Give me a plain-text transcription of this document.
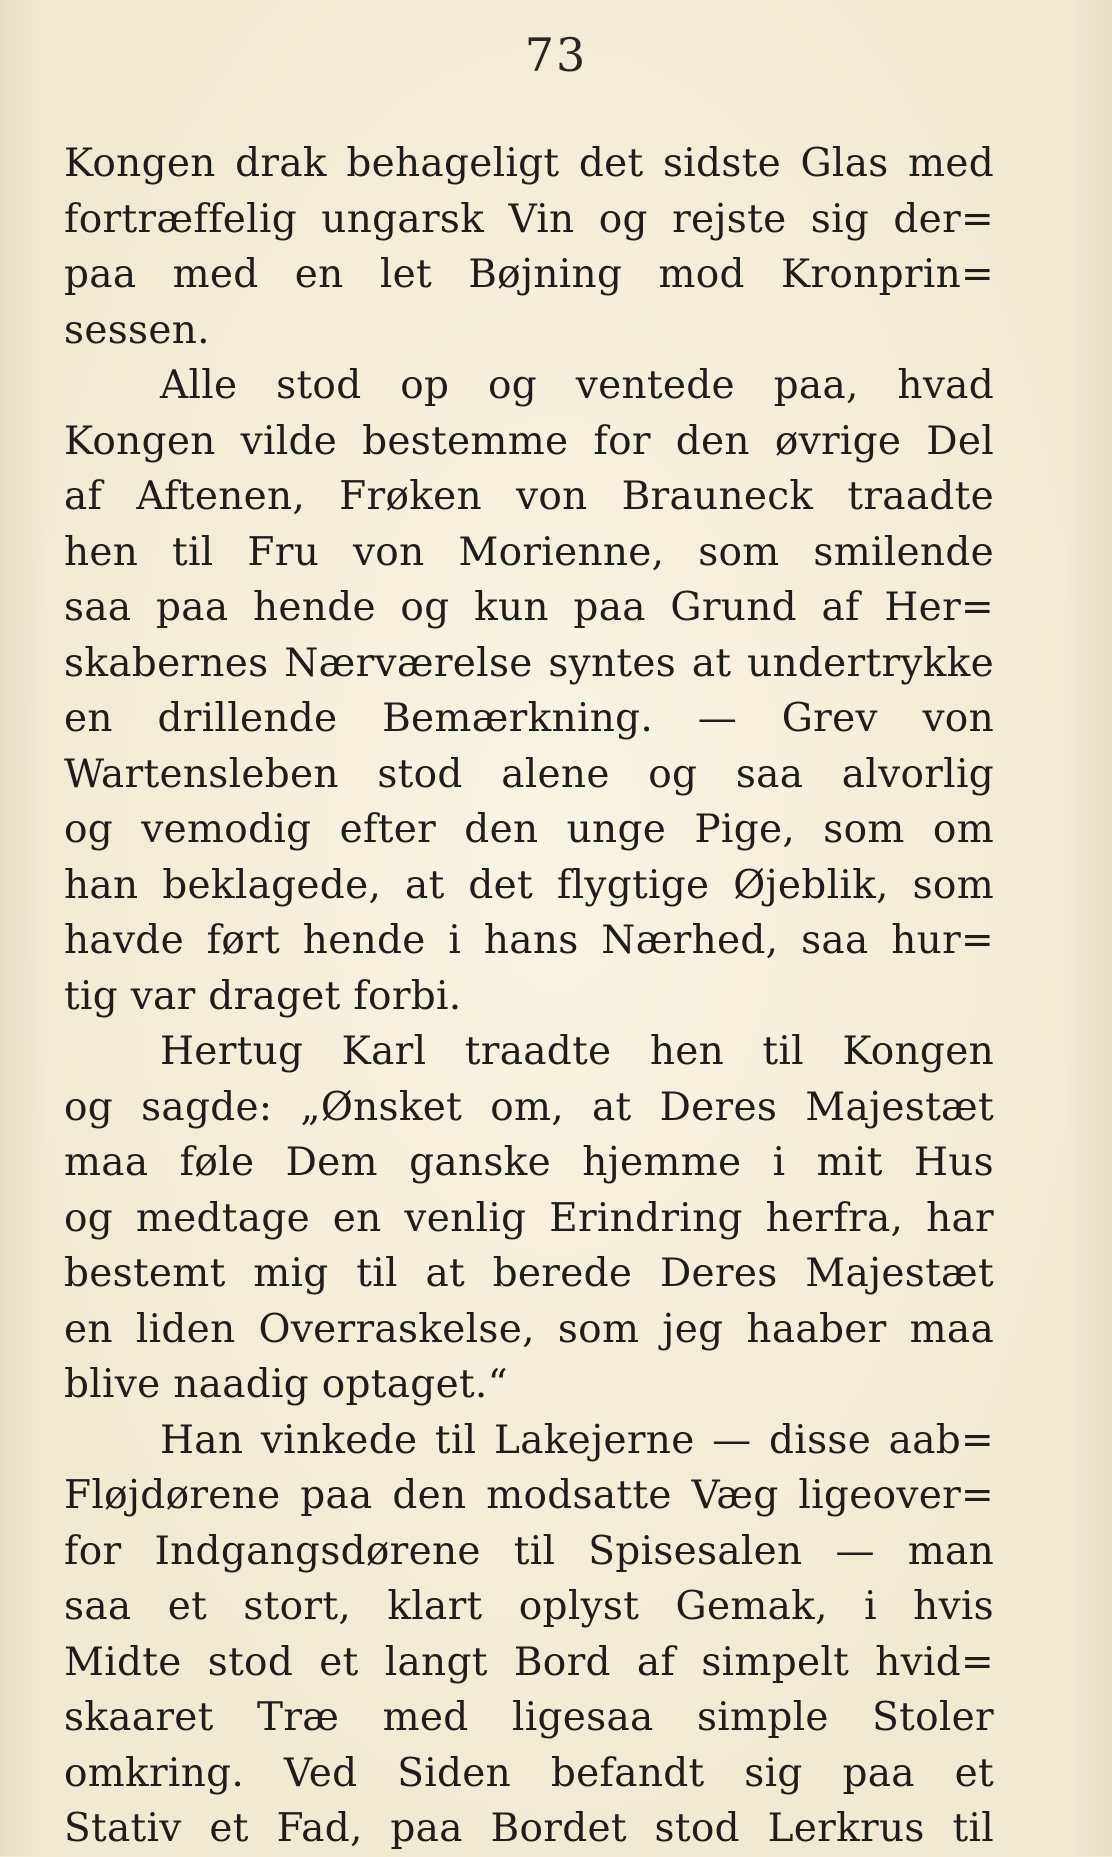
73
Kongen drak behageligt det sidste Glas med
fortræffelig ungarsk Vin og rejste sig der=
paa med en let Bøjning mod Kronprin=
sessen.
Alle stod op og ventede paa, hvad
Kongen vilde bestemme for den øvrige Del
af Aftenen, Frøken von Brauneck traadte
hen til Fru von Morienne, som smilende
saa paa hende og kun paa Grund af Her=
skabernes Nærværelse syntes at undertrykke
en drillende Bemærkning. — Grev von
Wartensleben stod alene og saa alvorlig
og vemodig efter den unge Pige, som om
han beklagede, at det flygtige Øjeblik, som
havde ført hende i hans Nærhed, saa hur=
tig var draget forbi.
Hertug Karl traadte hen til Kongen
og sagde: „Ønsket om, at Deres Majestæt
maa føle Dem ganske hjemme i mit Hus
og medtage en venlig Erindring herfra, har
bestemt mig til at berede Deres Majestæt
en liden Overraskelse, som jeg haaber maa
blive naadig optaget.“
Han vinkede til Lakejerne — disse aab=
Fløjdørene paa den modsatte Væg ligeover=
for Indgangsdørene til Spisesalen — man
saa et stort, klart oplyst Gemak, i hvis
Midte stod et langt Bord af simpelt hvid=
skaaret Træ med ligesaa simple Stoler
omkring. Ved Siden befandt sig paa et
Stativ et Fad, paa Bordet stod Lerkrus til
